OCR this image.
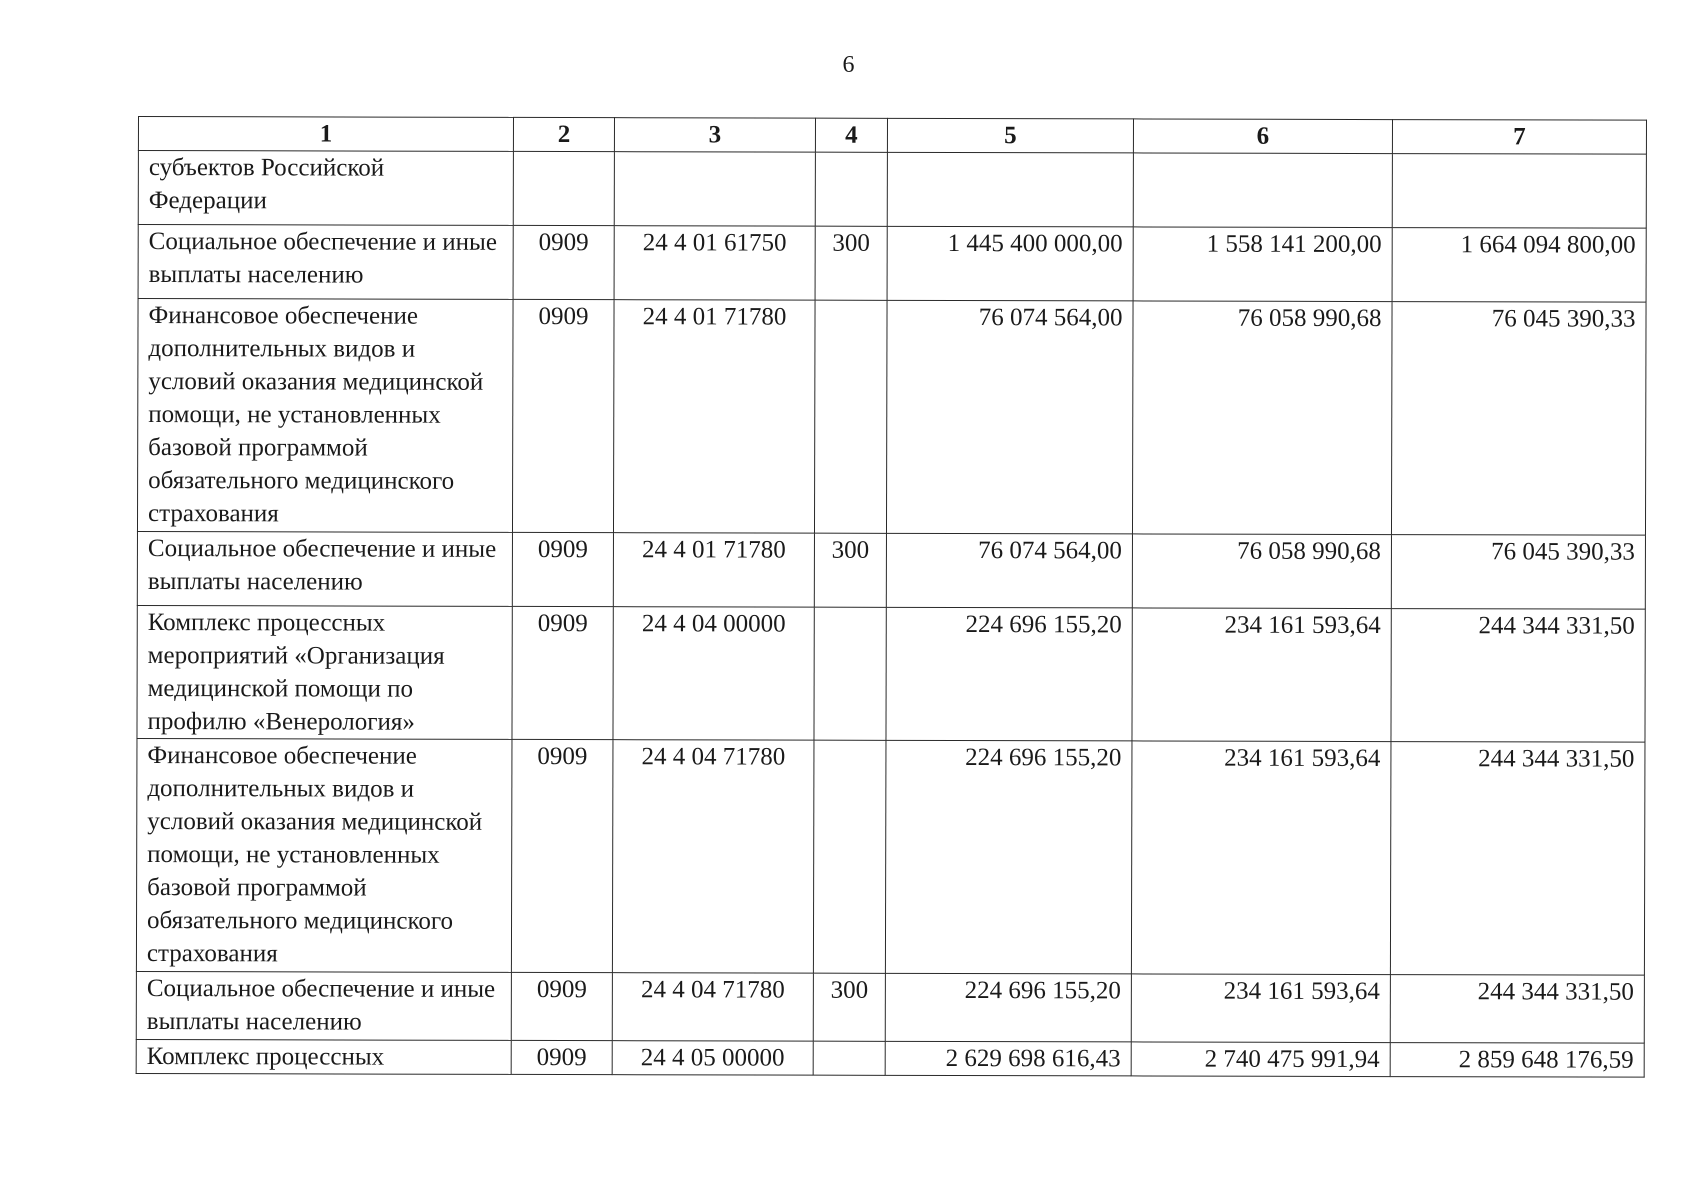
6
1	2	3	4	5	6	7
субъектов Российской Федерации						
Социальное обеспечение и иные выплаты населению	0909	24 4 01 61750	300	1 445 400 000,00	1 558 141 200,00	1 664 094 800,00
Финансовое обеспечение дополнительных видов и условий оказания медицинской помощи, не установленных базовой программой обязательного медицинского страхования	0909	24 4 01 71780		76 074 564,00	76 058 990,68	76 045 390,33
Социальное обеспечение и иные выплаты населению	0909	24 4 01 71780	300	76 074 564,00	76 058 990,68	76 045 390,33
Комплекс процессных мероприятий «Организация медицинской помощи по профилю «Венерология»	0909	24 4 04 00000		224 696 155,20	234 161 593,64	244 344 331,50
Финансовое обеспечение дополнительных видов и условий оказания медицинской помощи, не установленных базовой программой обязательного медицинского страхования	0909	24 4 04 71780		224 696 155,20	234 161 593,64	244 344 331,50
Социальное обеспечение и иные выплаты населению	0909	24 4 04 71780	300	224 696 155,20	234 161 593,64	244 344 331,50
Комплекс процессных	0909	24 4 05 00000		2 629 698 616,43	2 740 475 991,94	2 859 648 176,59
